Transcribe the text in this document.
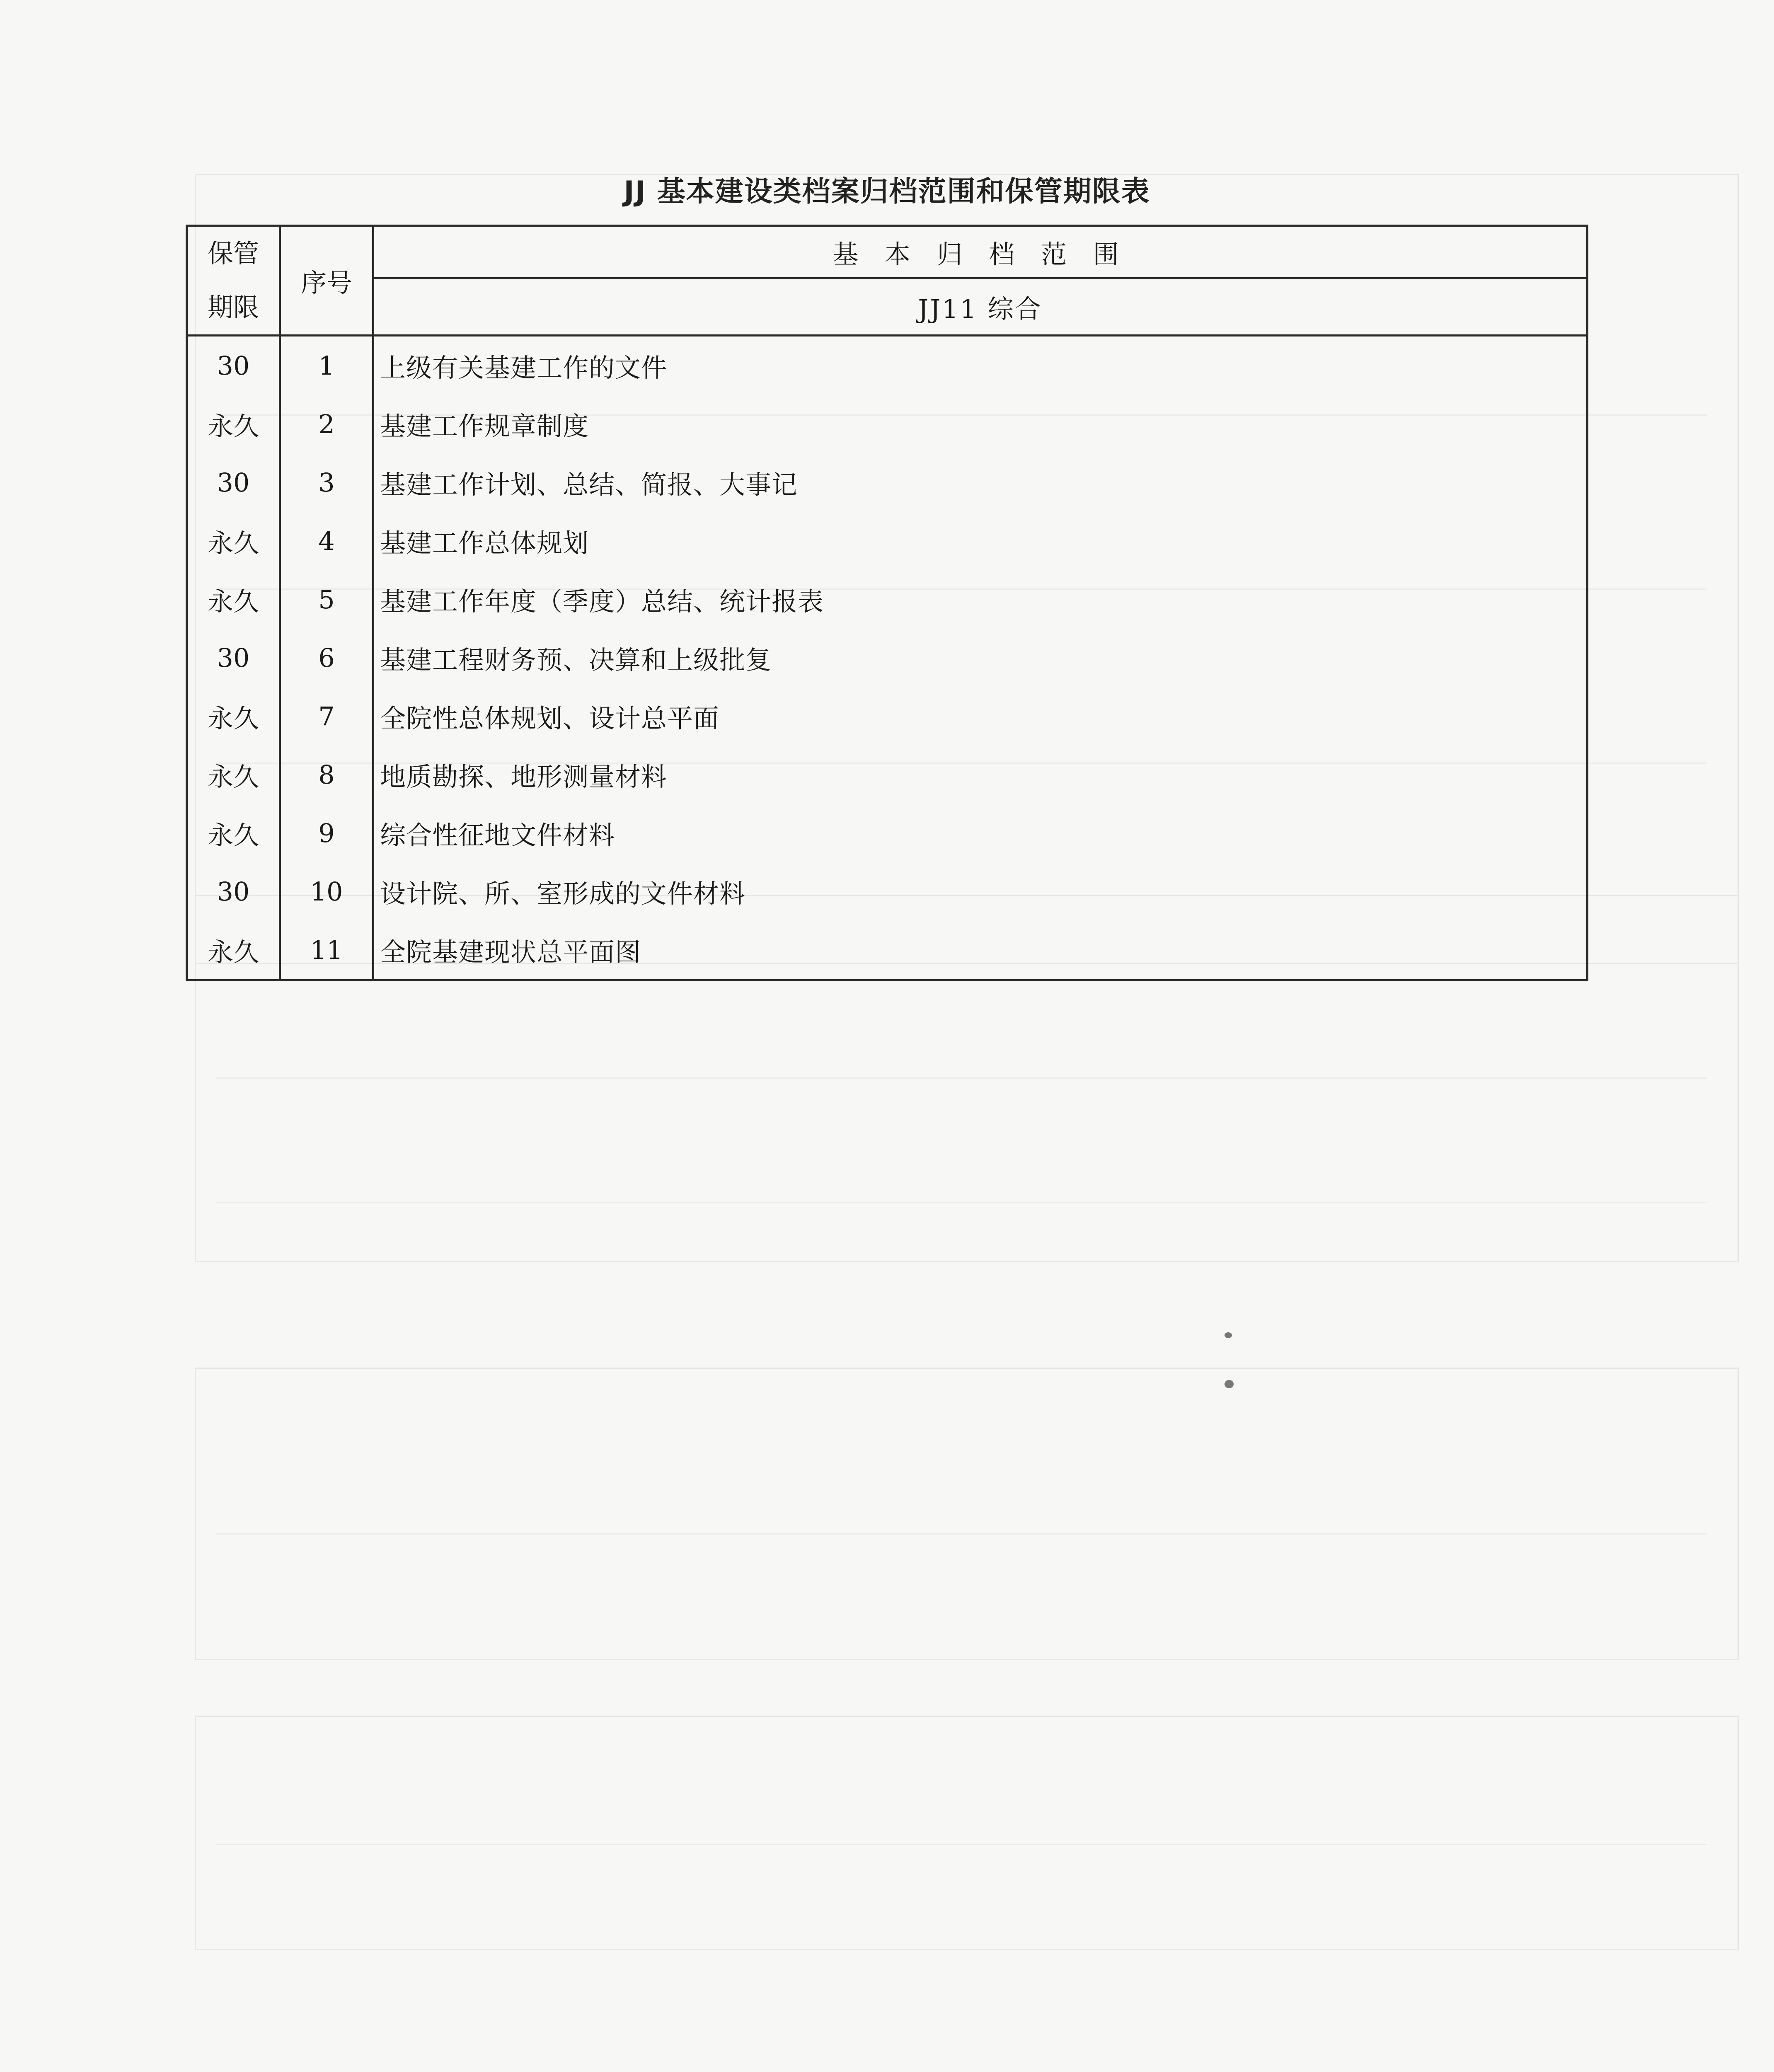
JJ 基本建设类档案归档范围和保管期限表
保管
期限	序号	基 本 归 档 范 围
		JJ11 综合
30	1	上级有关基建工作的文件
永久	2	基建工作规章制度
30	3	基建工作计划、总结、简报、大事记
永久	4	基建工作总体规划
永久	5	基建工作年度（季度）总结、统计报表
30	6	基建工程财务预、决算和上级批复
永久	7	全院性总体规划、设计总平面
永久	8	地质勘探、地形测量材料
永久	9	综合性征地文件材料
30	10	设计院、所、室形成的文件材料
永久	11	全院基建现状总平面图
